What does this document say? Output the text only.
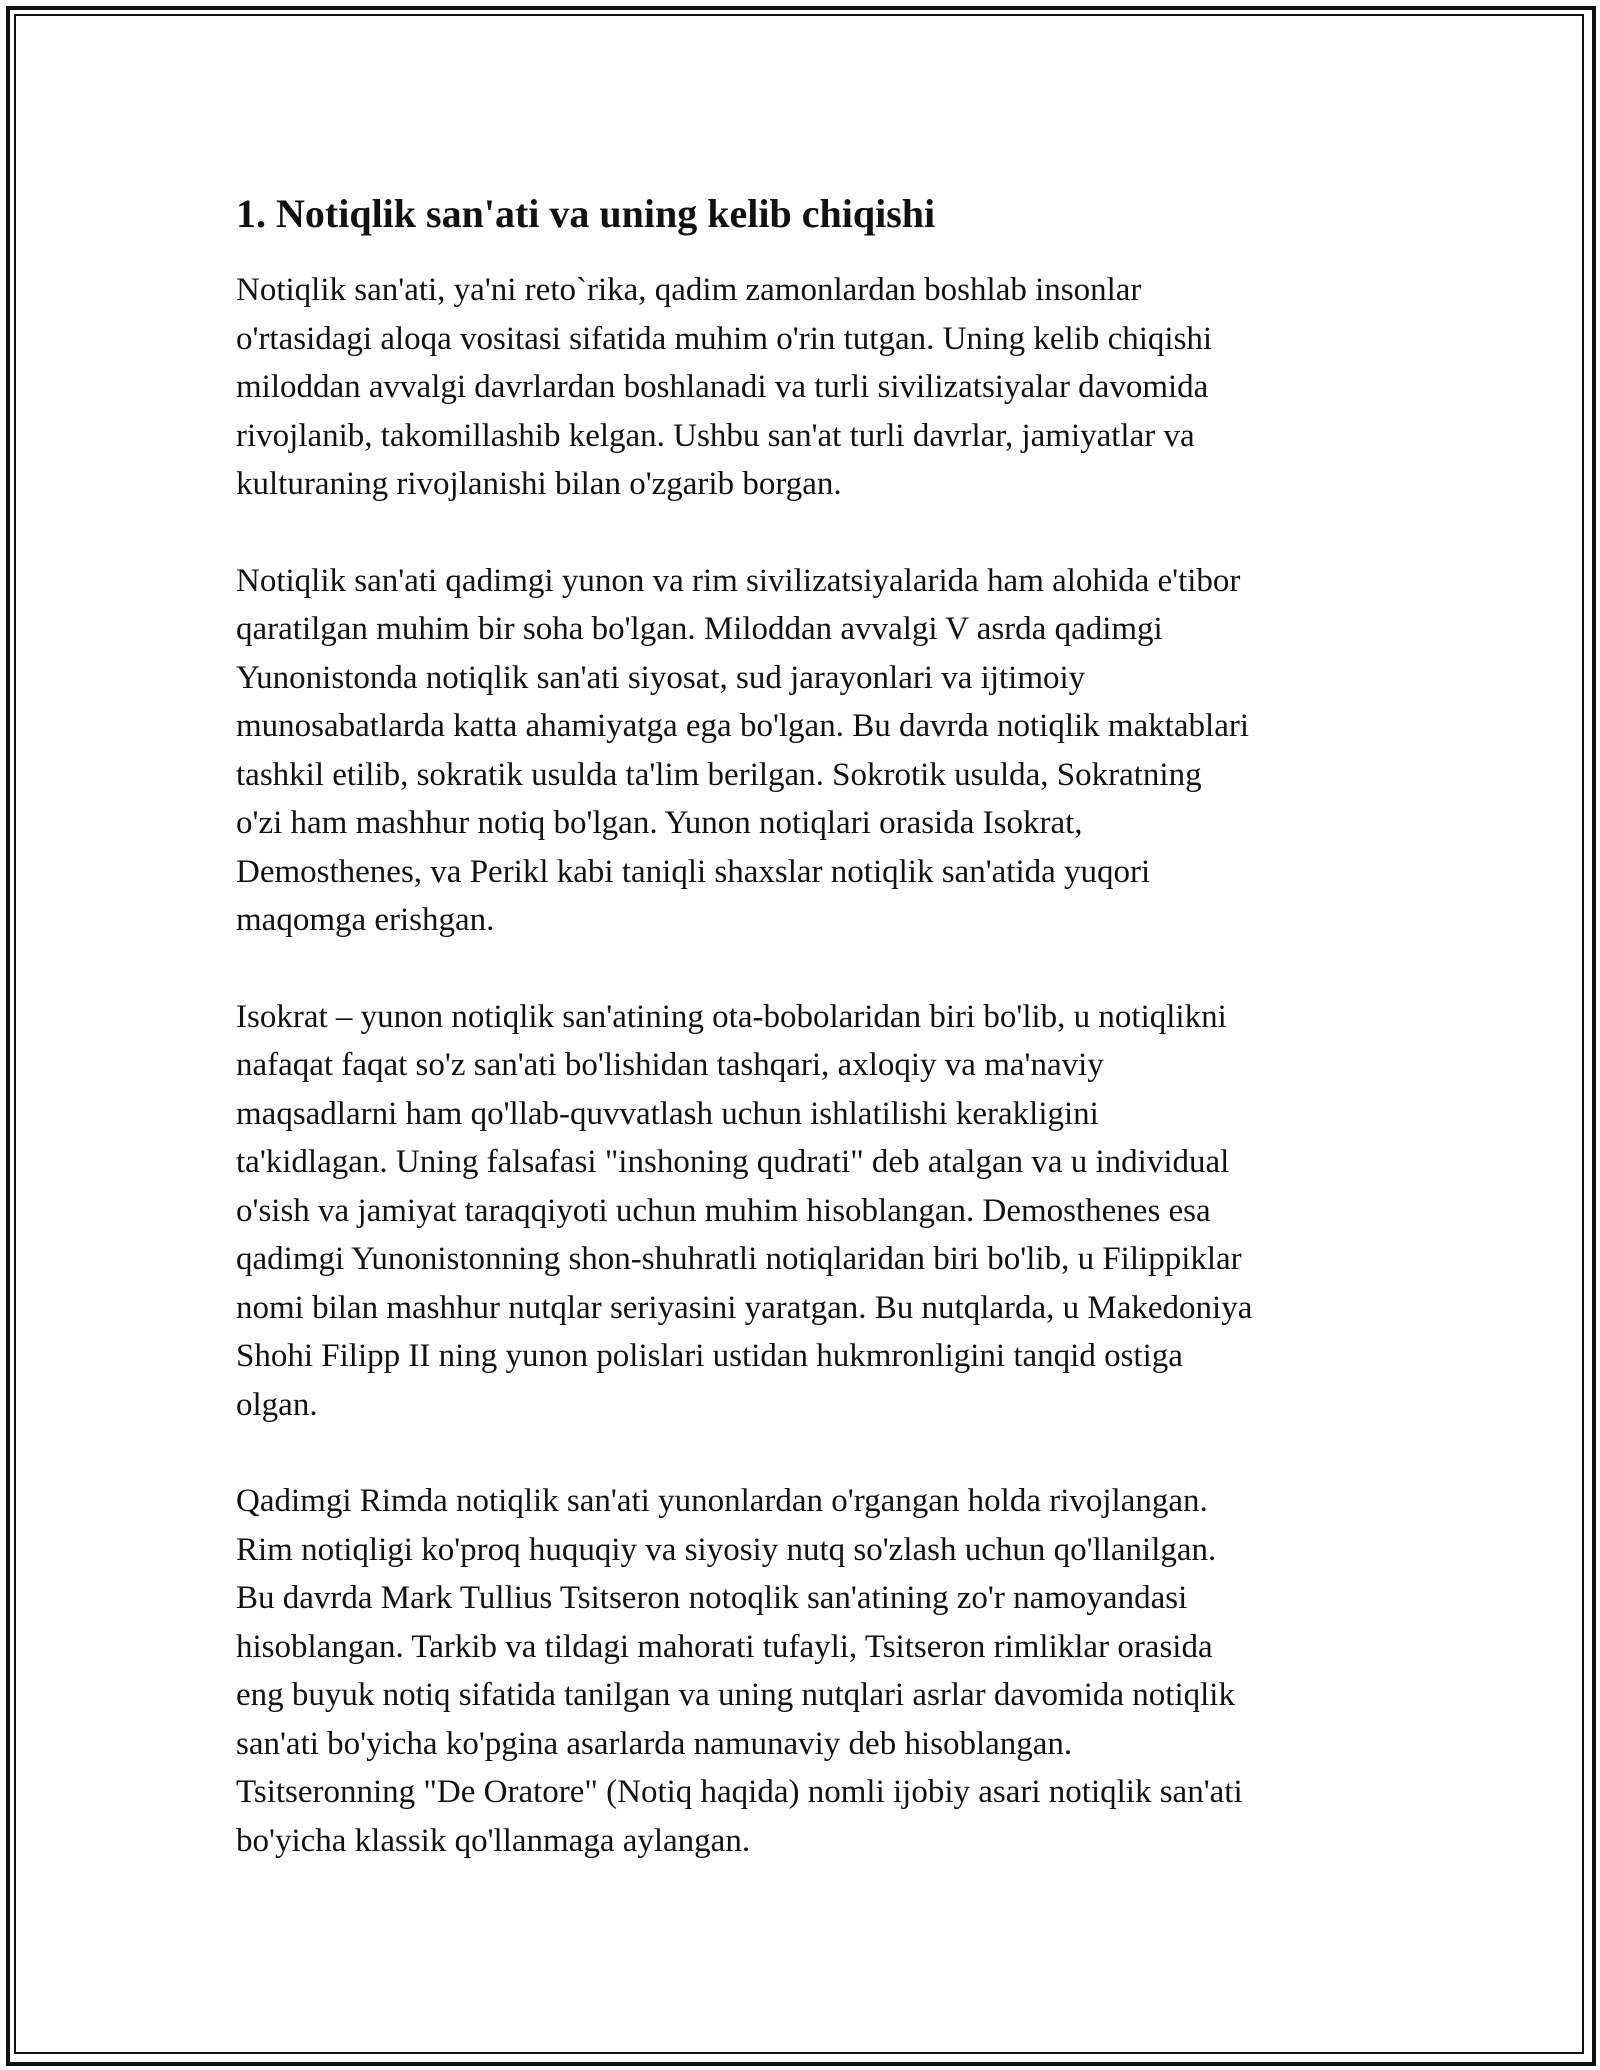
1. Notiqlik san'ati va uning kelib chiqishi
Notiqlik san'ati, ya'ni reto`rika, qadim zamonlardan boshlab insonlar
o'rtasidagi aloqa vositasi sifatida muhim o'rin tutgan. Uning kelib chiqishi
miloddan avvalgi davrlardan boshlanadi va turli sivilizatsiyalar davomida
rivojlanib, takomillashib kelgan. Ushbu san'at turli davrlar, jamiyatlar va
kulturaning rivojlanishi bilan o'zgarib borgan.
Notiqlik san'ati qadimgi yunon va rim sivilizatsiyalarida ham alohida e'tibor
qaratilgan muhim bir soha bo'lgan. Miloddan avvalgi V asrda qadimgi
Yunonistonda notiqlik san'ati siyosat, sud jarayonlari va ijtimoiy
munosabatlarda katta ahamiyatga ega bo'lgan. Bu davrda notiqlik maktablari
tashkil etilib, sokratik usulda ta'lim berilgan. Sokrotik usulda, Sokratning
o'zi ham mashhur notiq bo'lgan. Yunon notiqlari orasida Isokrat,
Demosthenes, va Perikl kabi taniqli shaxslar notiqlik san'atida yuqori
maqomga erishgan.
Isokrat – yunon notiqlik san'atining ota-bobolaridan biri bo'lib, u notiqlikni
nafaqat faqat so'z san'ati bo'lishidan tashqari, axloqiy va ma'naviy
maqsadlarni ham qo'llab-quvvatlash uchun ishlatilishi kerakligini
ta'kidlagan. Uning falsafasi "inshoning qudrati" deb atalgan va u individual
o'sish va jamiyat taraqqiyoti uchun muhim hisoblangan. Demosthenes esa
qadimgi Yunonistonning shon-shuhratli notiqlaridan biri bo'lib, u Filippiklar
nomi bilan mashhur nutqlar seriyasini yaratgan. Bu nutqlarda, u Makedoniya
Shohi Filipp II ning yunon polislari ustidan hukmronligini tanqid ostiga
olgan.
Qadimgi Rimda notiqlik san'ati yunonlardan o'rgangan holda rivojlangan.
Rim notiqligi ko'proq huquqiy va siyosiy nutq so'zlash uchun qo'llanilgan.
Bu davrda Mark Tullius Tsitseron notoqlik san'atining zo'r namoyandasi
hisoblangan. Tarkib va tildagi mahorati tufayli, Tsitseron rimliklar orasida
eng buyuk notiq sifatida tanilgan va uning nutqlari asrlar davomida notiqlik
san'ati bo'yicha ko'pgina asarlarda namunaviy deb hisoblangan.
Tsitseronning "De Oratore" (Notiq haqida) nomli ijobiy asari notiqlik san'ati
bo'yicha klassik qo'llanmaga aylangan.
